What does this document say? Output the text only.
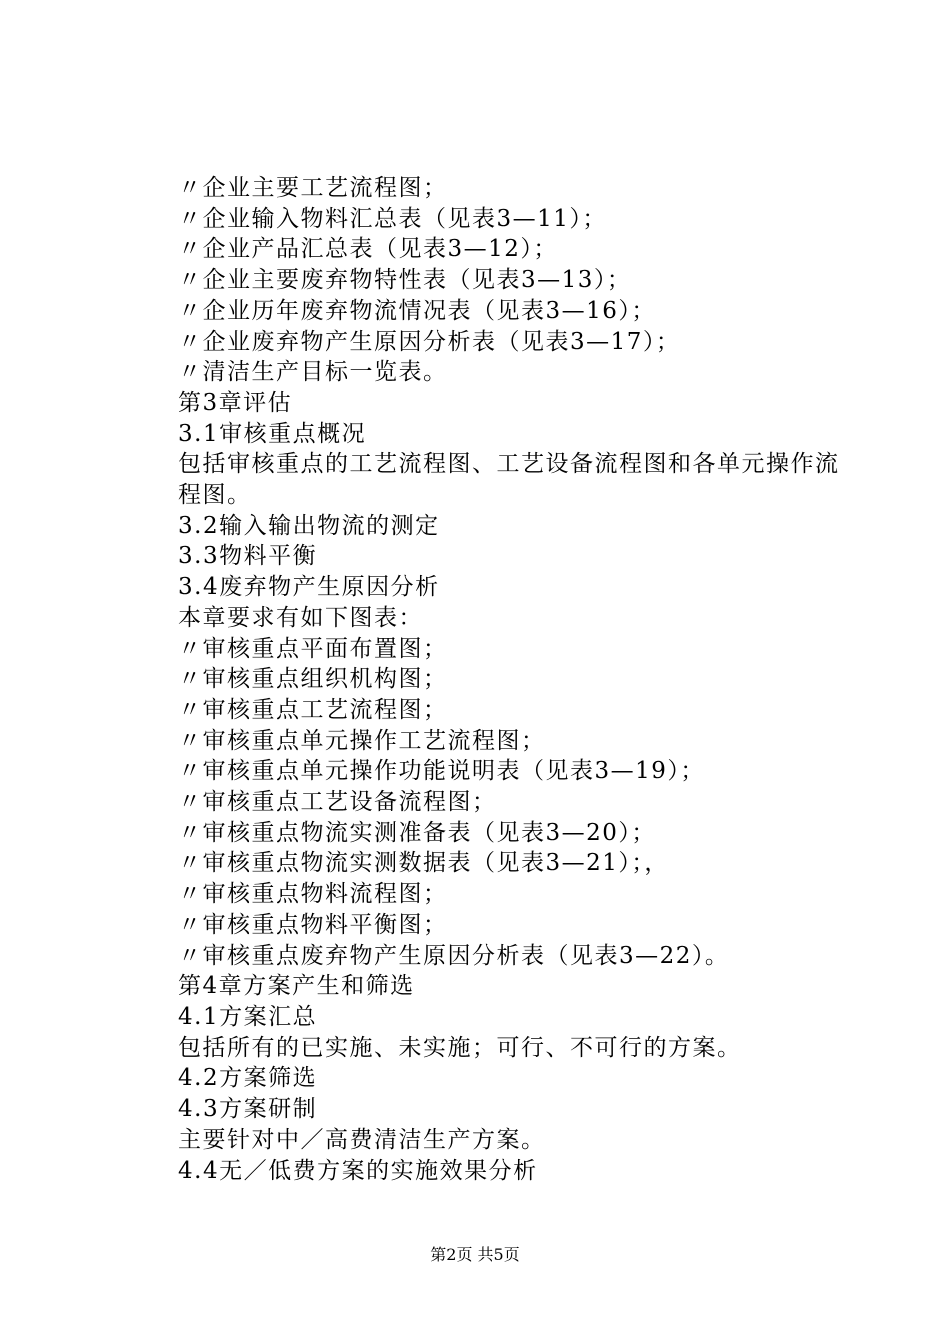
〃企业主要工艺流程图；
〃企业输入物料汇总表（见表3—11）；
〃企业产品汇总表（见表3—12）；
〃企业主要废弃物特性表（见表3—13）；
〃企业历年废弃物流情况表（见表3—16）；
〃企业废弃物产生原因分析表（见表3—17）；
〃清洁生产目标一览表。
第3章评估
3.1审核重点概况
包括审核重点的工艺流程图、工艺设备流程图和各单元操作流程图。
3.2输入输出物流的测定
3.3物料平衡
3.4废弃物产生原因分析
本章要求有如下图表：
〃审核重点平面布置图；
〃审核重点组织机构图；
〃审核重点工艺流程图；
〃审核重点单元操作工艺流程图；
〃审核重点单元操作功能说明表（见表3—19）；
〃审核重点工艺设备流程图；
〃审核重点物流实测准备表（见表3—20）；
〃审核重点物流实测数据表（见表3—21）；，
〃审核重点物料流程图；
〃审核重点物料平衡图；
〃审核重点废弃物产生原因分析表（见表3—22）。
第4章方案产生和筛选
4.1方案汇总
包括所有的已实施、未实施；可行、不可行的方案。
4.2方案筛选
4.3方案研制
主要针对中／高费清洁生产方案。
4.4无／低费方案的实施效果分析
第2页 共5页
